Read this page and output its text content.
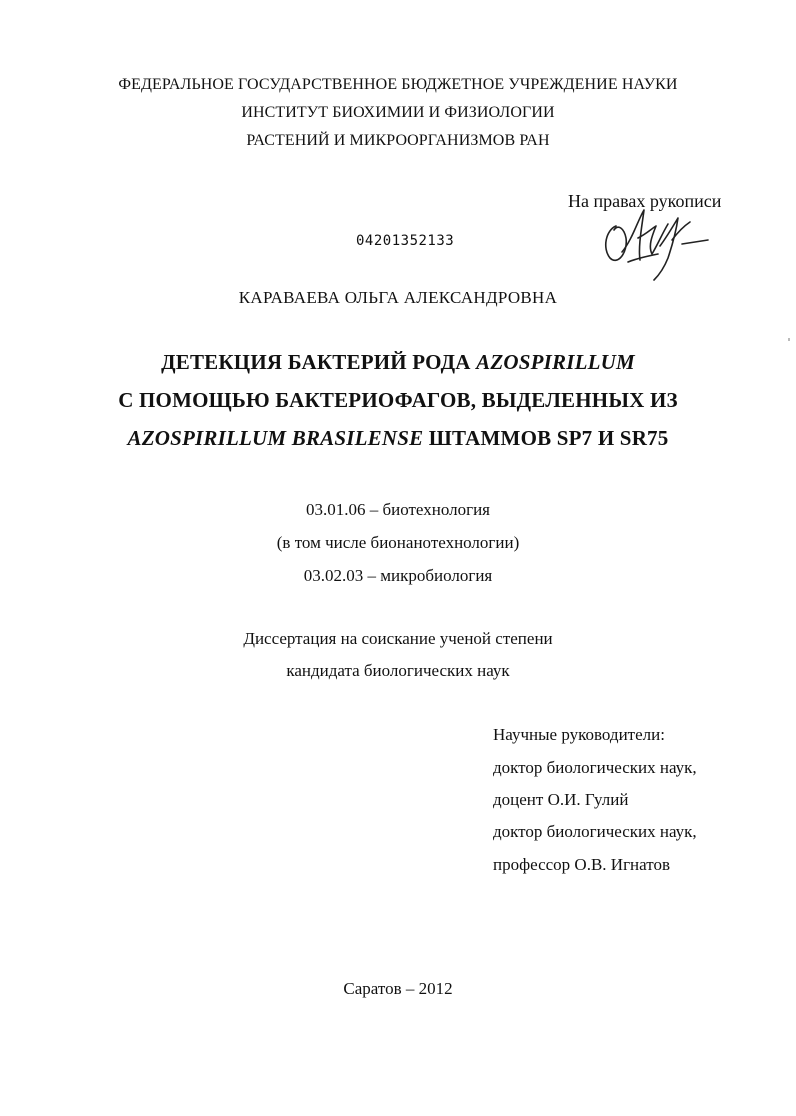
ФЕДЕРАЛЬНОЕ ГОСУДАРСТВЕННОЕ БЮДЖЕТНОЕ УЧРЕЖДЕНИЕ НАУКИ
ИНСТИТУТ БИОХИМИИ И ФИЗИОЛОГИИ
РАСТЕНИЙ И МИКРООРГАНИЗМОВ РАН
На правах рукописи
04201352133
КАРАВАЕВА ОЛЬГА АЛЕКСАНДРОВНА
ДЕТЕКЦИЯ БАКТЕРИЙ РОДА AZOSPIRILLUM
С ПОМОЩЬЮ БАКТЕРИОФАГОВ, ВЫДЕЛЕННЫХ ИЗ
AZOSPIRILLUM BRASILENSE ШТАММОВ SP7 И SR75
03.01.06 – биотехнология
(в том числе бионанотехнологии)
03.02.03 – микробиология
Диссертация на соискание ученой степени
кандидата биологических наук
Научные руководители:
доктор биологических наук,
доцент О.И. Гулий
доктор биологических наук,
профессор О.В. Игнатов
Саратов – 2012
